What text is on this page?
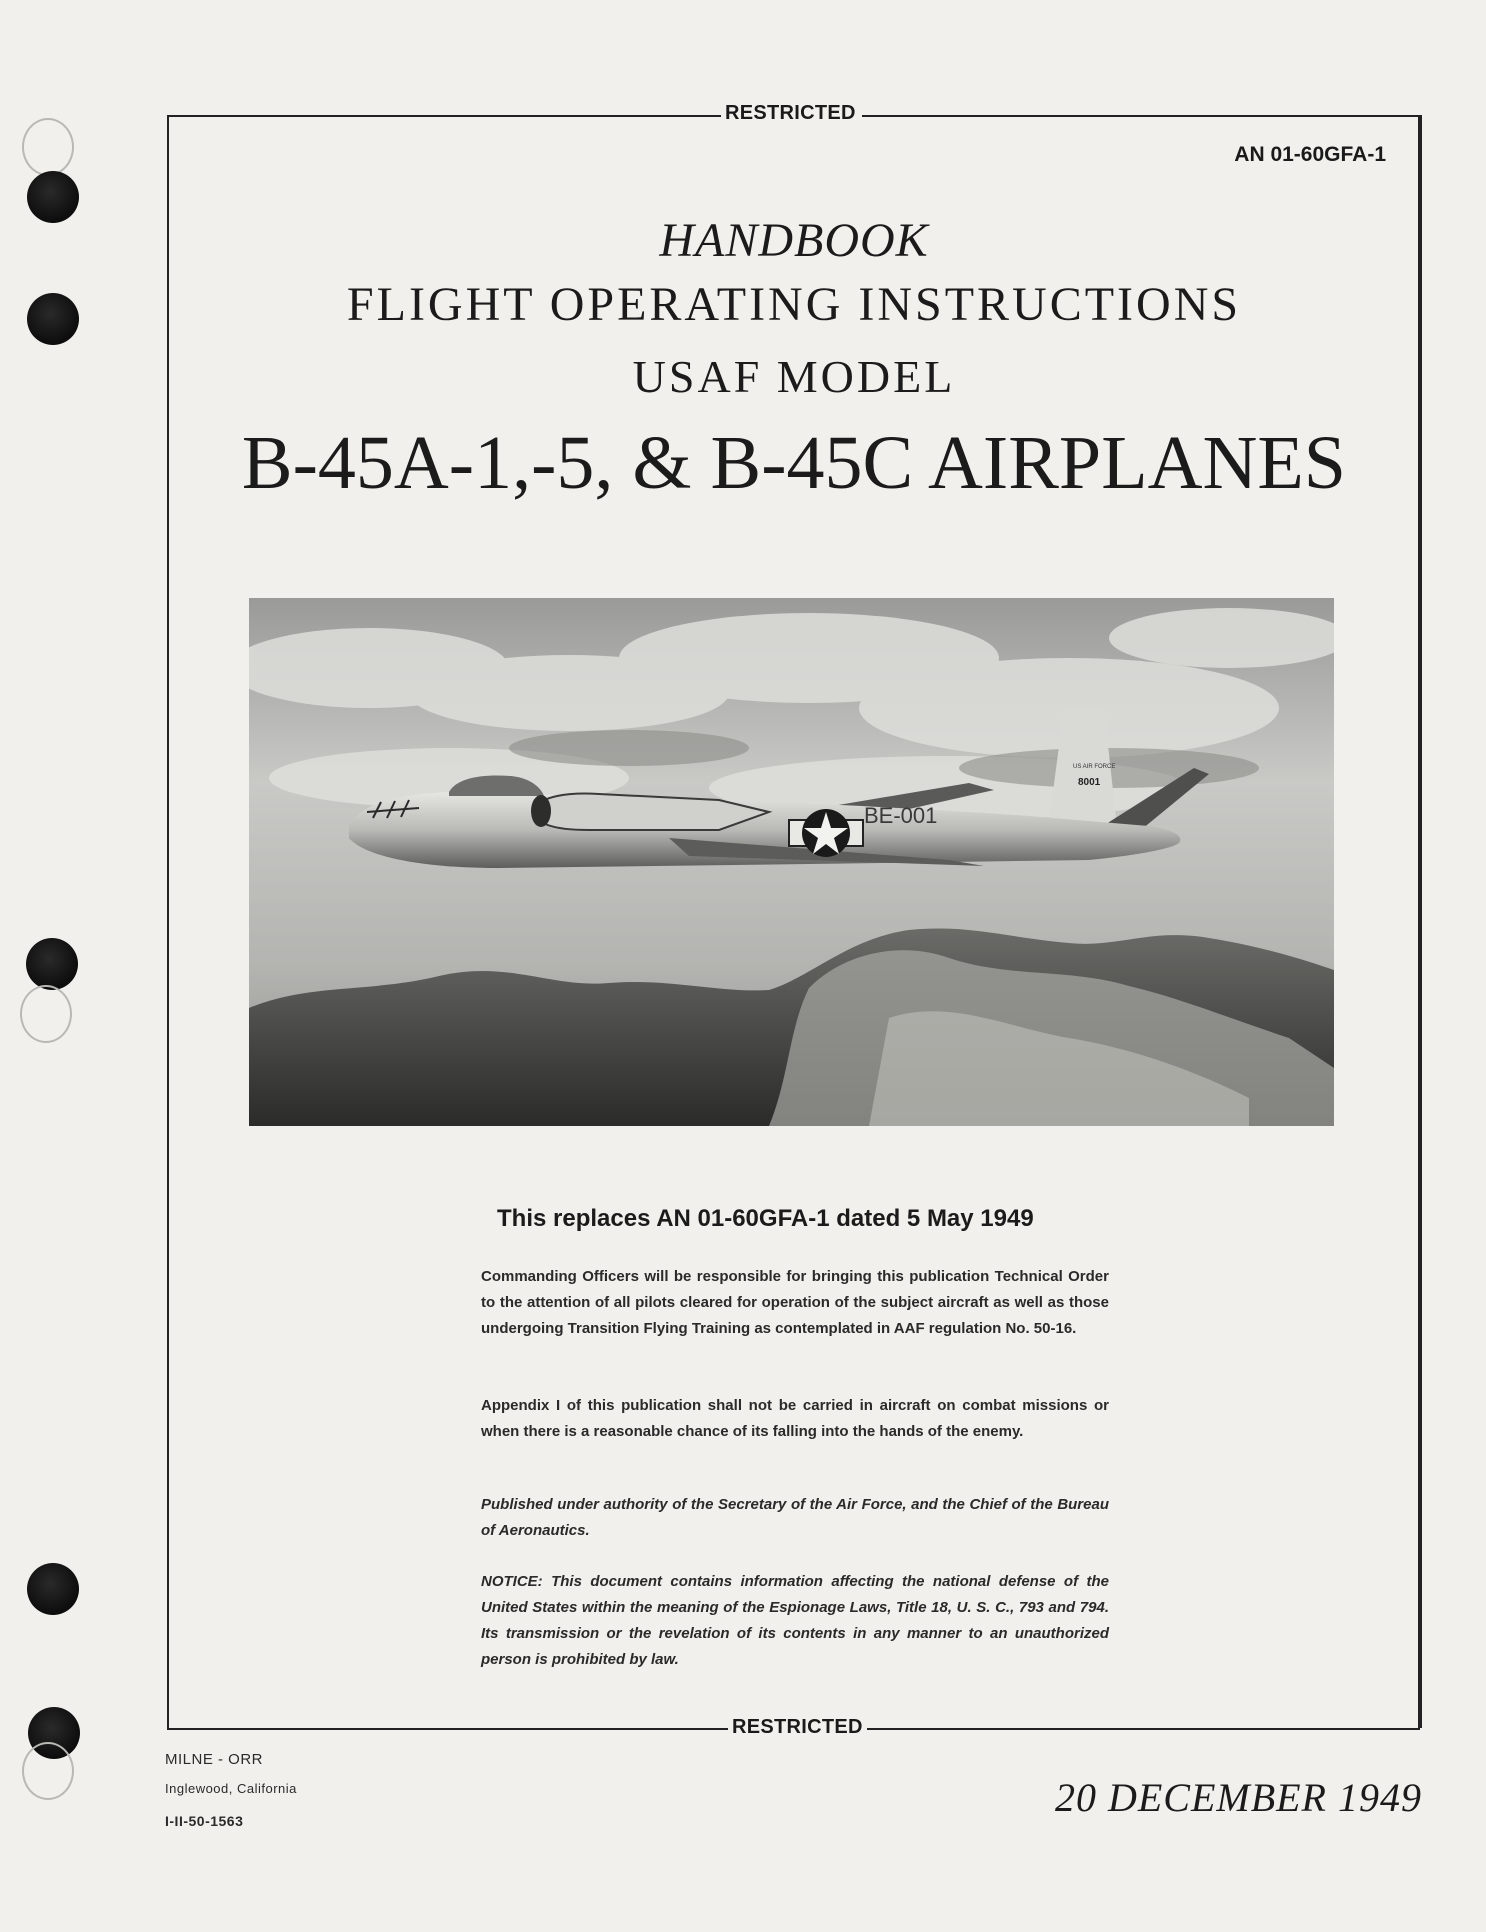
RESTRICTED
AN 01-60GFA-1
HANDBOOK
FLIGHT OPERATING INSTRUCTIONS
USAF MODEL
B-45A-1,-5, & B-45C AIRPLANES
US AIR FORCE
8001
BE-001
This replaces AN 01-60GFA-1 dated 5 May 1949
Commanding Officers will be responsible for bringing this publication Technical Order to the attention of all pilots cleared for operation of the subject aircraft as well as those undergoing Transition Flying Training as contemplated in AAF regulation No. 50-16.
Appendix I of this publication shall not be carried in aircraft on combat missions or when there is a reasonable chance of its falling into the hands of the enemy.
Published under authority of the Secretary of the Air Force, and the Chief of the Bureau of Aeronautics.
NOTICE: This document contains information affecting the national defense of the United States within the meaning of the Espionage Laws, Title 18, U. S. C., 793 and 794. Its transmission or the revelation of its contents in any manner to an unauthorized person is prohibited by law.
RESTRICTED
MILNE - ORR
Inglewood, California
I-II-50-1563
20 DECEMBER 1949
